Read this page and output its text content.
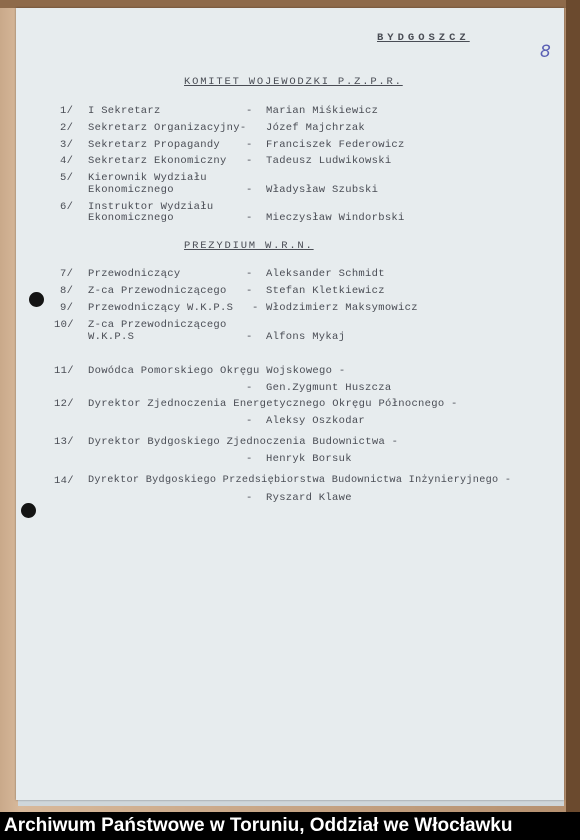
BYDGOSZCZ
8
KOMITET WOJEWODZKI P.Z.P.R.
1/ I Sekretarz	- Marian Miśkiewicz
2/ Sekretarz Organizacyjny- Józef Majchrzak
3/ Sekretarz Propagandy - Franciszek Federowicz
4/ Sekretarz Ekonomiczny - Tadeusz Ludwikowski
5/ Kierownik Wydziału
Ekonomicznego	- Władysław Szubski
6/ Instruktor Wydziału
Ekonomicznego	- Mieczysław Windorbski
PREZYDIUM W.R.N.
7/ Przewodniczący	- Aleksander Schmidt
8/ Z-ca Przewodniczącego - Stefan Kletkiewicz
9/ Przewodniczący W.K.P.S - Włodzimierz Maksymowicz
10/ Z-ca Przewodniczącego
W.K.P.S	- Alfons Mykaj
11/ Dowódca Pomorskiego Okręgu Wojskowego -
- Gen.Zygmunt Huszcza
12/ Dyrektor Zjednoczenia Energetycznego Okręgu Północnego -
- Aleksy Oszkodar
13/ Dyrektor Bydgoskiego Zjednoczenia Budownictwa -
- Henryk Borsuk
14/ Dyrektor Bydgoskiego Przedsiębiorstwa Budownictwa Inżynieryjnego -
- Ryszard Klawe
Archiwum Państwowe w Toruniu, Oddział we Włocławku
